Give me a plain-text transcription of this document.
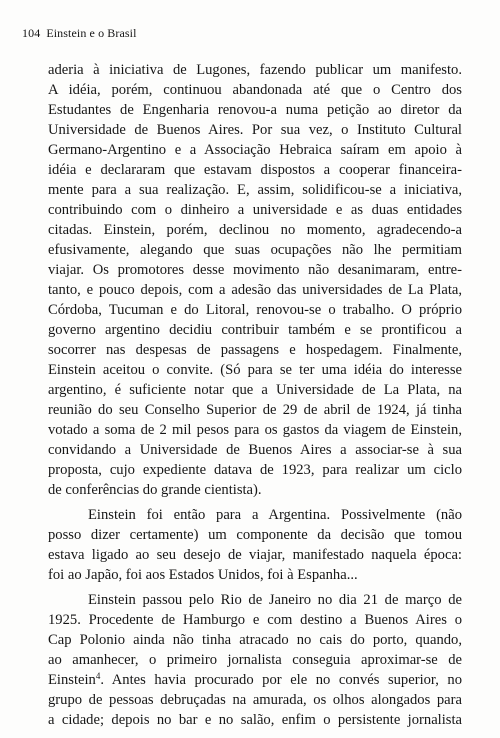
104 Einstein e o Brasil
aderia à iniciativa de Lugones, fazendo publicar um manifesto.
A idéia, porém, continuou abandonada até que o Centro dos
Estudantes de Engenharia renovou-a numa petição ao diretor da
Universidade de Buenos Aires. Por sua vez, o Instituto Cultural
Germano-Argentino e a Associação Hebraica saíram em apoio à
idéia e declararam que estavam dispostos a cooperar financeira-
mente para a sua realização. E, assim, solidificou-se a iniciativa,
contribuindo com o dinheiro a universidade e as duas entidades
citadas. Einstein, porém, declinou no momento, agradecendo-a
efusivamente, alegando que suas ocupações não lhe permitiam
viajar. Os promotores desse movimento não desanimaram, entre-
tanto, e pouco depois, com a adesão das universidades de La Plata,
Córdoba, Tucuman e do Litoral, renovou-se o trabalho. O próprio
governo argentino decidiu contribuir também e se prontificou a
socorrer nas despesas de passagens e hospedagem. Finalmente,
Einstein aceitou o convite. (Só para se ter uma idéia do interesse
argentino, é suficiente notar que a Universidade de La Plata, na
reunião do seu Conselho Superior de 29 de abril de 1924, já tinha
votado a soma de 2 mil pesos para os gastos da viagem de Einstein,
convidando a Universidade de Buenos Aires a associar-se à sua
proposta, cujo expediente datava de 1923, para realizar um ciclo
de conferências do grande cientista).
Einstein foi então para a Argentina. Possivelmente (não
posso dizer certamente) um componente da decisão que tomou
estava ligado ao seu desejo de viajar, manifestado naquela época:
foi ao Japão, foi aos Estados Unidos, foi à Espanha...
Einstein passou pelo Rio de Janeiro no dia 21 de março de
1925. Procedente de Hamburgo e com destino a Buenos Aires o
Cap Polonio ainda não tinha atracado no cais do porto, quando,
ao amanhecer, o primeiro jornalista conseguia aproximar-se de
Einstein$^4$. Antes havia procurado por ele no convés superior, no
grupo de pessoas debruçadas na amurada, os olhos alongados para
a cidade; depois no bar e no salão, enfim o persistente jornalista
